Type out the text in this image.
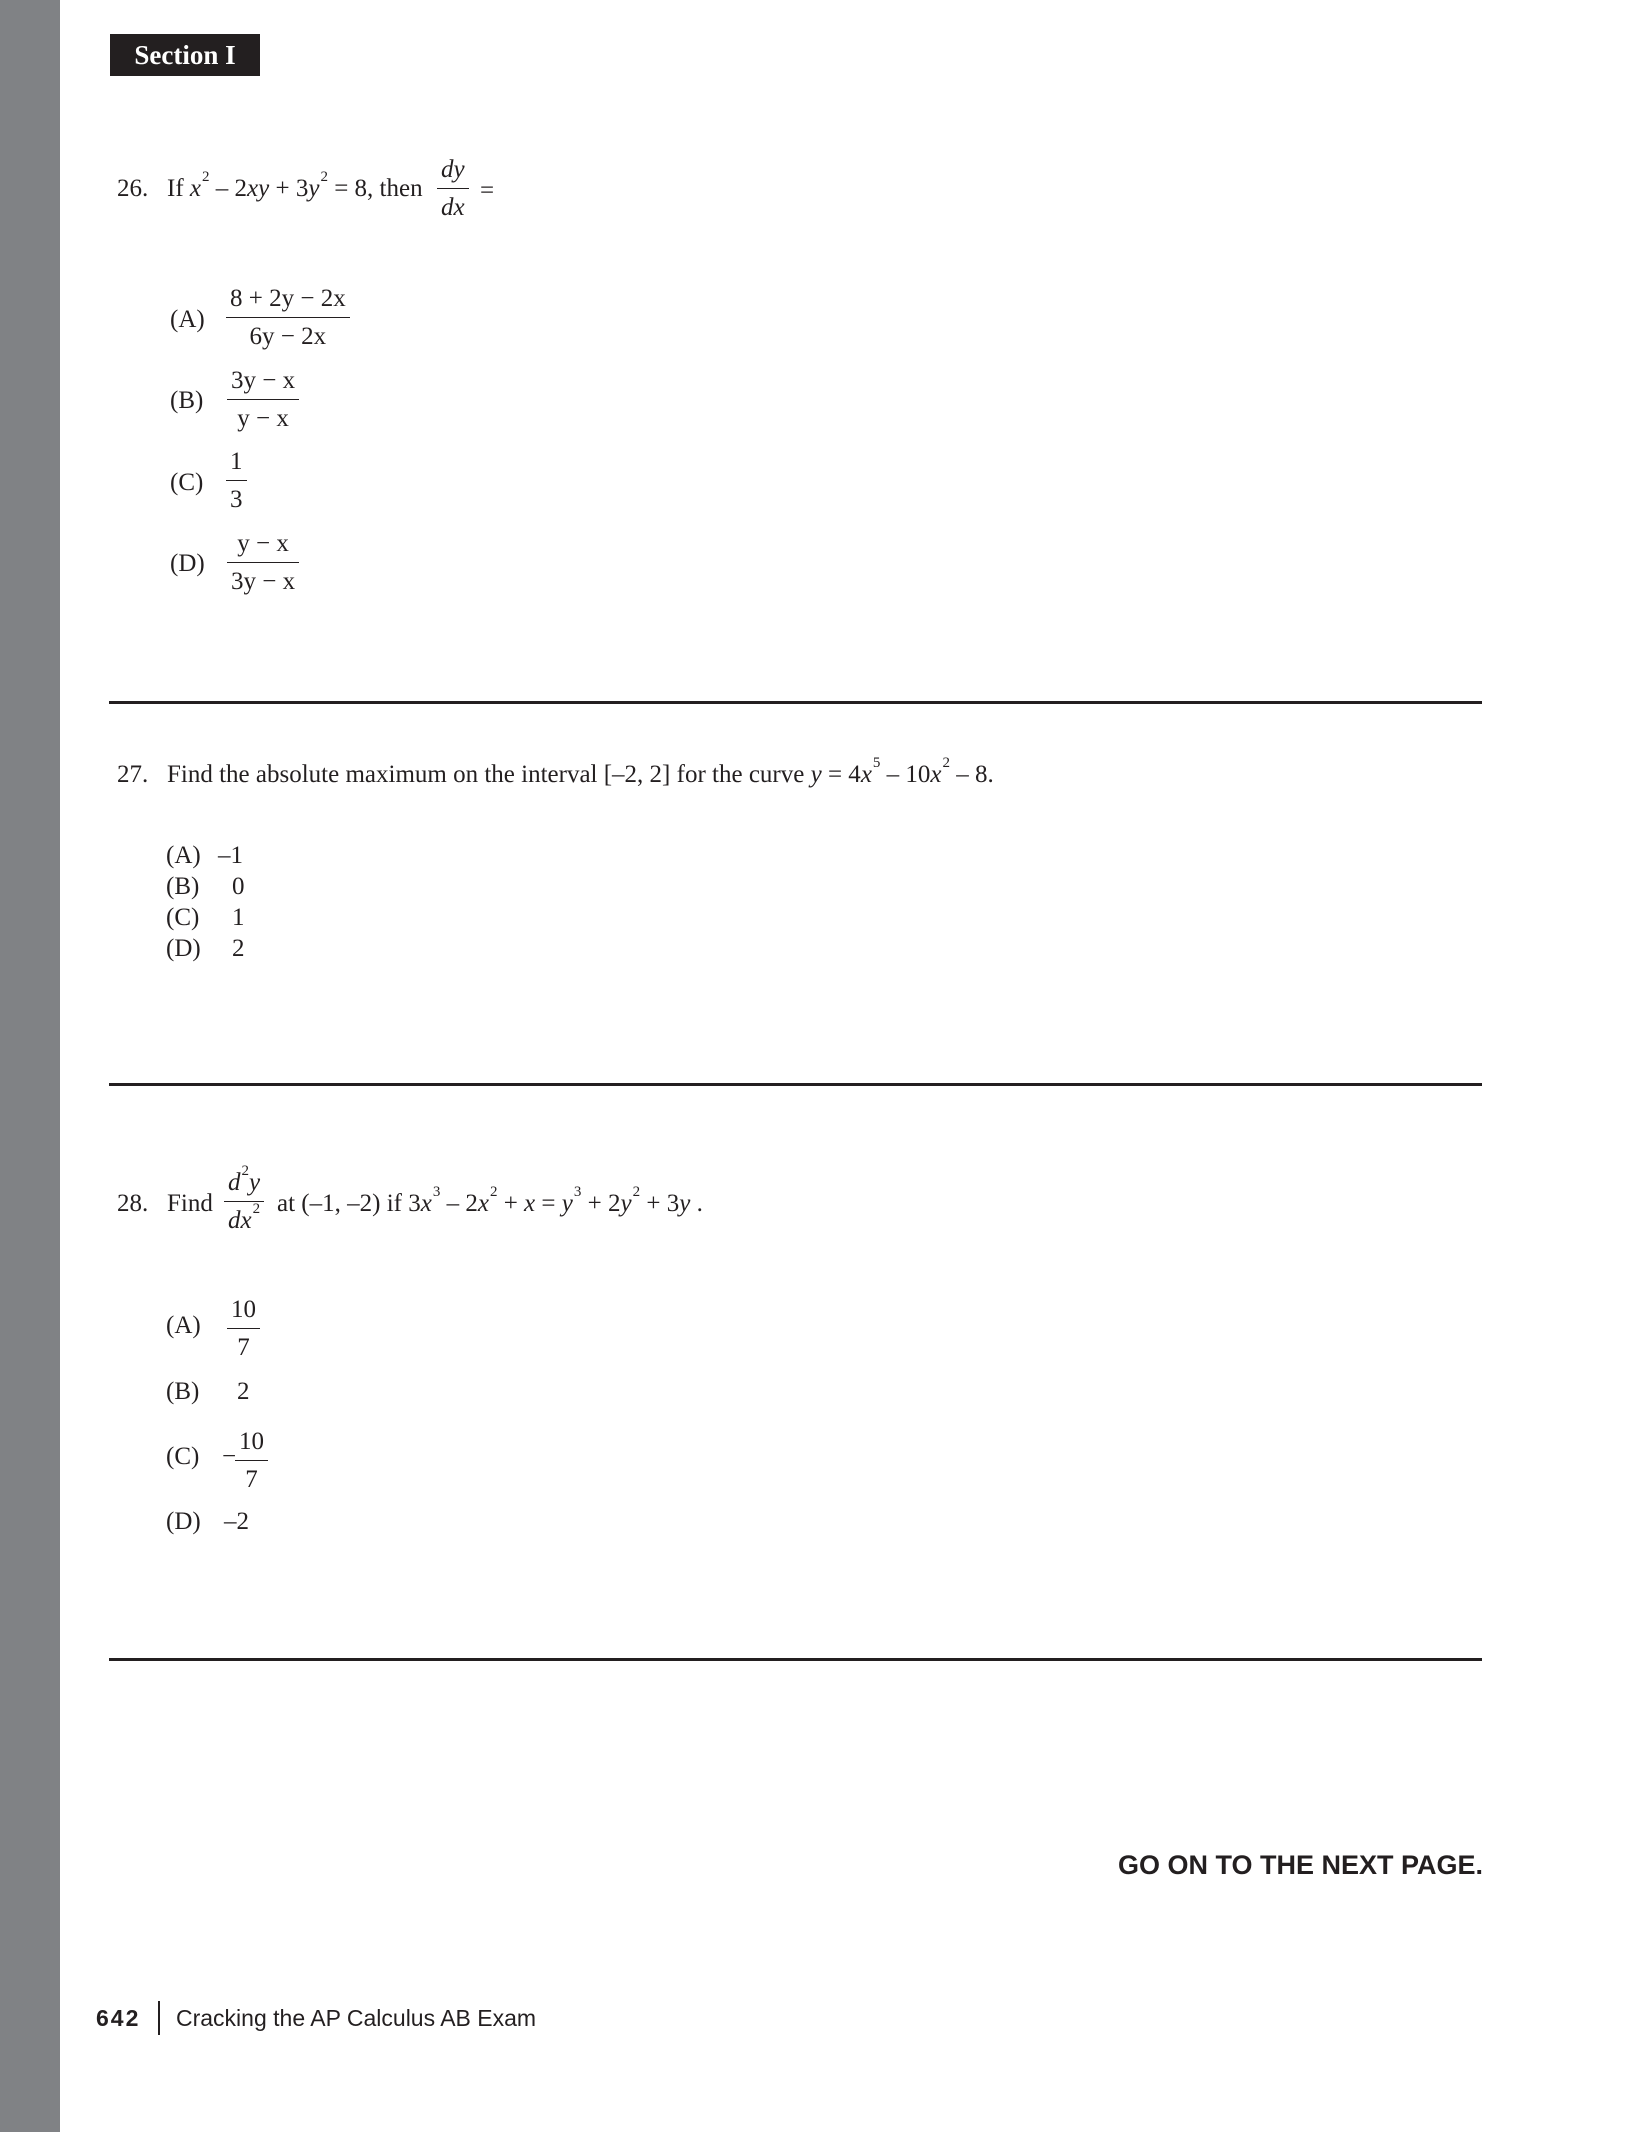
Section I
26. If $x^2 - 2xy + 3y^2 = 8$, then $\frac{dy}{dx}$ =
$(A) \frac{8 + 2y - 2x}{6y - 2x}$
$(B) \frac{3y - x}{y - x}$
$(C) \frac{1}{3}$
$(D) \frac{y - x}{3y - x}$
27. Find the absolute maximum on the interval [–2, 2] for the curve $y = 4x^5 - 10x^2 - 8$.
(A) –1
(B) 0
(C) 1
(D) 2
28. Find $\frac{d^2y}{dx^2}$ at (–1, –2) if $3x^3 - 2x^2 + x = y^3 + 2y^2 + 3y$ .
$(A) \frac{10}{7}$
(B) 2
(C) −
$\frac{10}{7}$
(D) –2
GO ON TO THE NEXT PAGE.
642 Cracking the AP Calculus AB Exam
